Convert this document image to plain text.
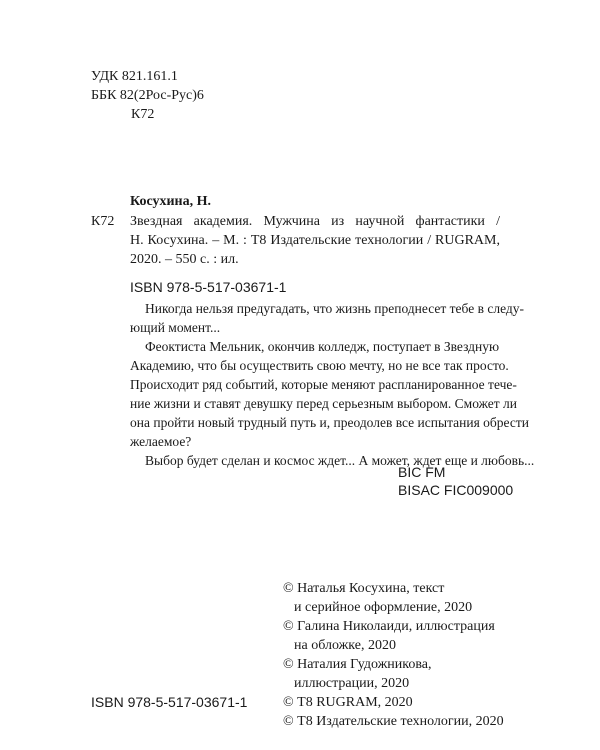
УДК 821.161.1
ББК 82(2Рос-Рус)6
К72
Косухина, Н.
К72 Звездная академия. Мужчина из научной фантастики /
Н. Косухина. – М. : Т8 Издательские технологии / RUGRAM,
2020. – 550 с. : ил.
ISBN 978-5-517-03671-1
Никогда нельзя предугадать, что жизнь преподнесет тебе в следу-
ющий момент...
Феоктиста Мельник, окончив колледж, поступает в Звездную
Академию, что бы осуществить свою мечту, но не все так просто.
Происходит ряд событий, которые меняют распланированное тече-
ние жизни и ставят девушку перед серьезным выбором. Сможет ли
она пройти новый трудный путь и, преодолев все испытания обрести
желаемое?
Выбор будет сделан и космос ждет... А может, ждет еще и любовь...
BIC FM
BISAC FIC009000
© Наталья Косухина, текст
и серийное оформление, 2020
© Галина Николаиди, иллюстрация
на обложке, 2020
© Наталия Гудожникова,
иллюстрации, 2020
© Т8 RUGRAM, 2020
© Т8 Издательские технологии, 2020
ISBN 978-5-517-03671-1
